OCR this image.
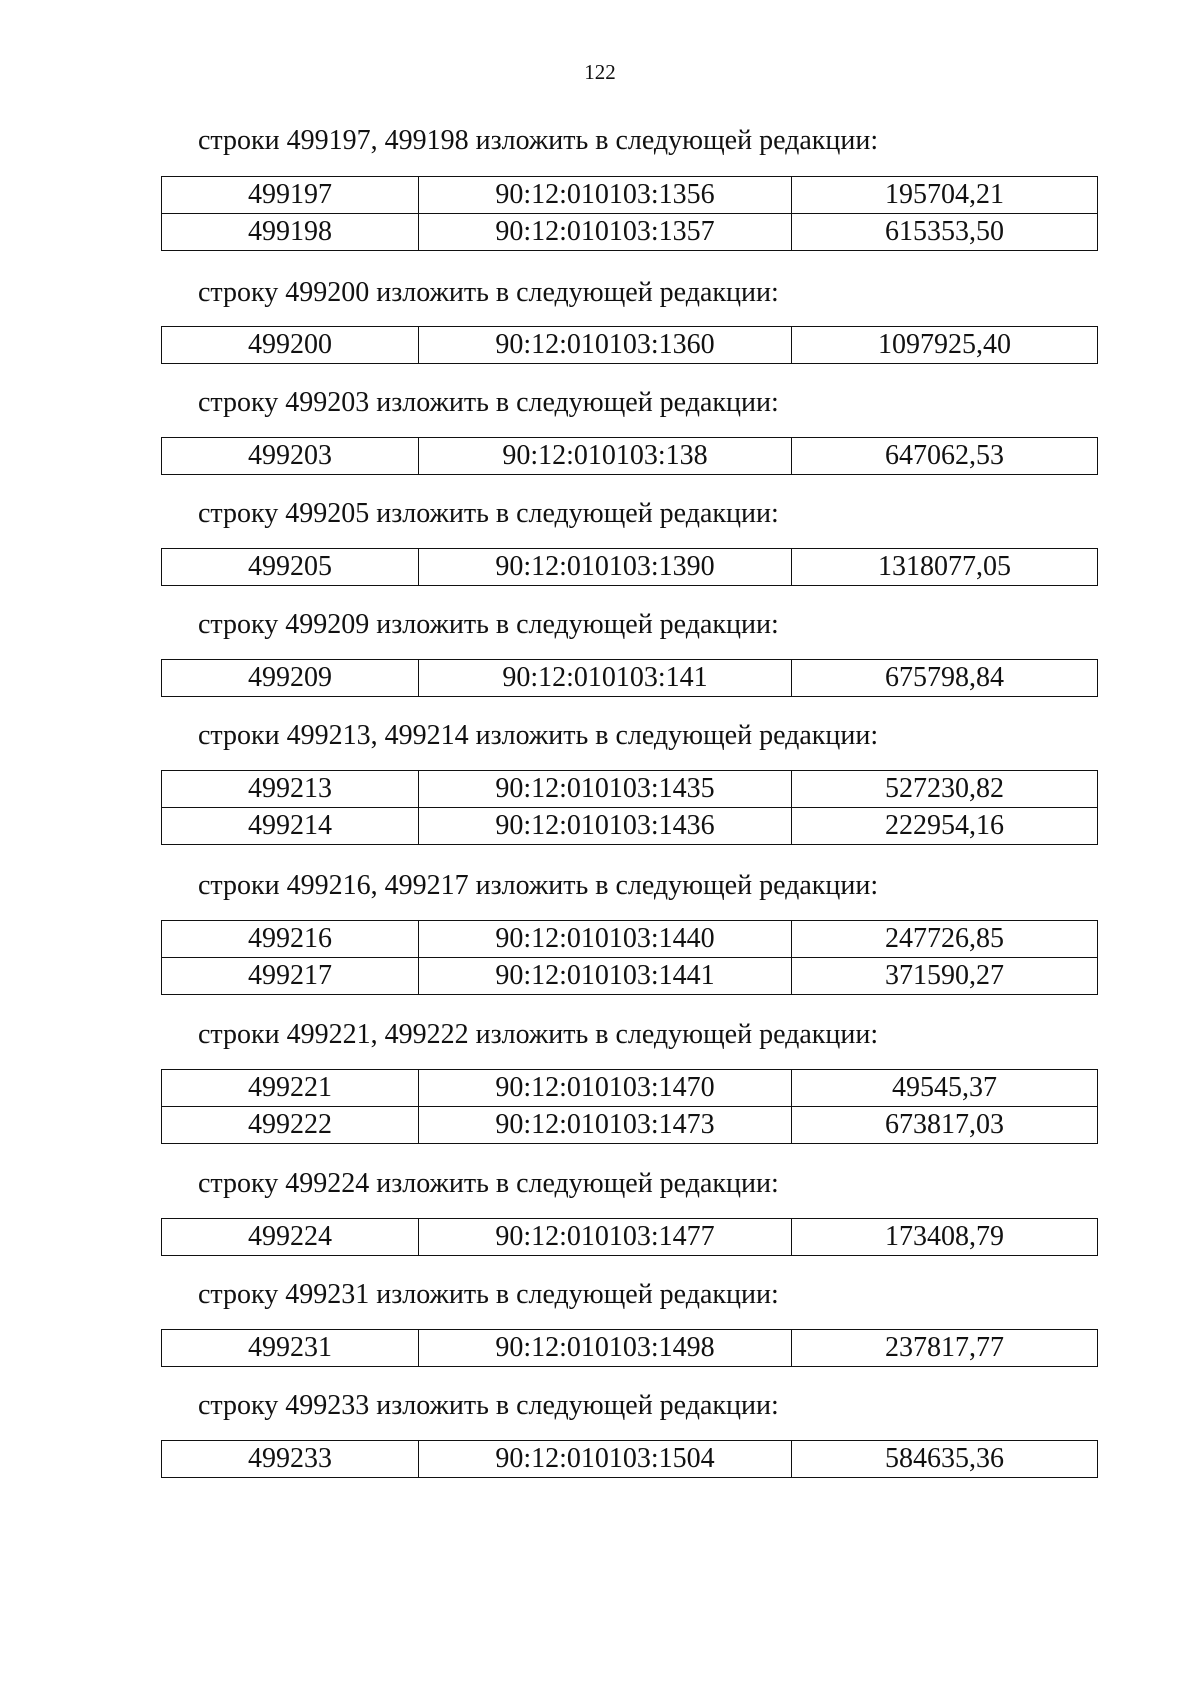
122
строки 499197, 499198 изложить в следующей редакции:
499197	90:12:010103:1356	195704,21
499198	90:12:010103:1357	615353,50
строку 499200 изложить в следующей редакции:
499200	90:12:010103:1360	1097925,40
строку 499203 изложить в следующей редакции:
499203	90:12:010103:138	647062,53
строку 499205 изложить в следующей редакции:
499205	90:12:010103:1390	1318077,05
строку 499209 изложить в следующей редакции:
499209	90:12:010103:141	675798,84
строки 499213, 499214 изложить в следующей редакции:
499213	90:12:010103:1435	527230,82
499214	90:12:010103:1436	222954,16
строки 499216, 499217 изложить в следующей редакции:
499216	90:12:010103:1440	247726,85
499217	90:12:010103:1441	371590,27
строки 499221, 499222 изложить в следующей редакции:
499221	90:12:010103:1470	49545,37
499222	90:12:010103:1473	673817,03
строку 499224 изложить в следующей редакции:
499224	90:12:010103:1477	173408,79
строку 499231 изложить в следующей редакции:
499231	90:12:010103:1498	237817,77
строку 499233 изложить в следующей редакции:
499233	90:12:010103:1504	584635,36
